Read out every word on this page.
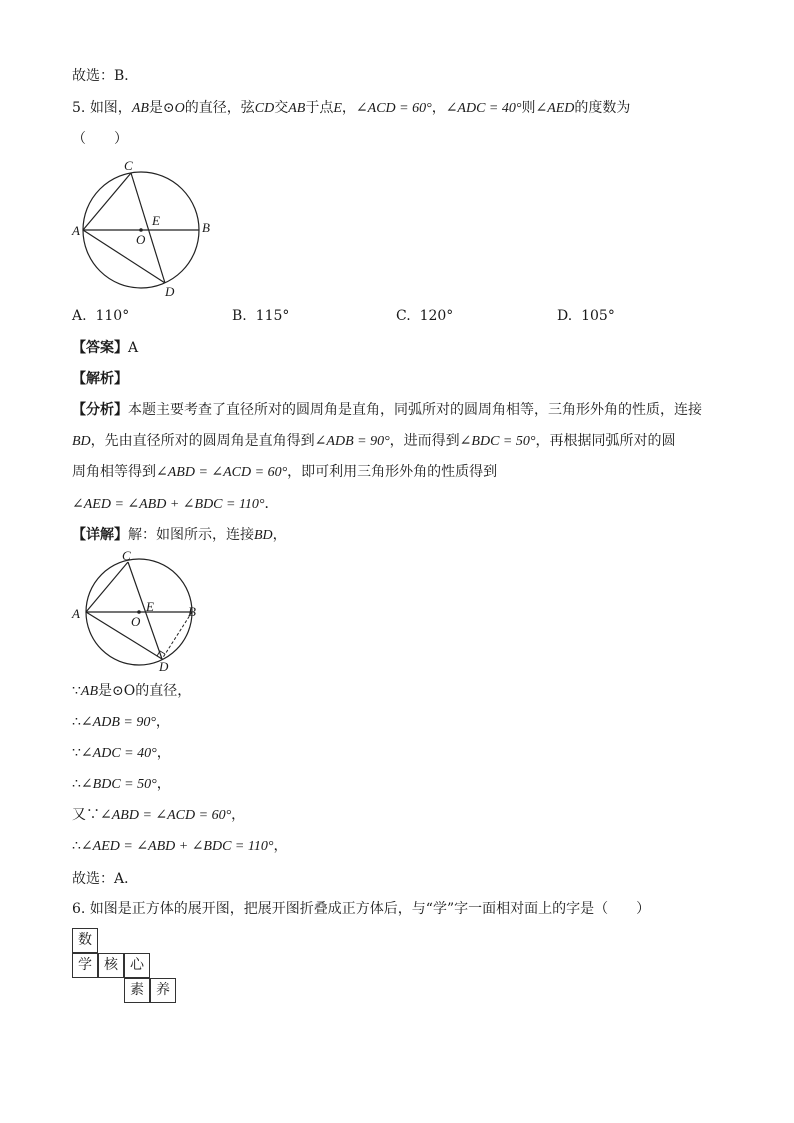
故选：B．
5. 如图，AB是⊙O的直径，弦CD交AB于点E，∠ACD = 60°，∠ADC = 40°则∠AED的度数为
（　　）
C
A	B
E
O
D
A. 110°	B. 115°	C. 120°	D. 105°
【答案】A
【解析】
【分析】本题主要考查了直径所对的圆周角是直角，同弧所对的圆周角相等，三角形外角的性质，连接
BD，先由直径所对的圆周角是直角得到∠ADB = 90°，进而得到∠BDC = 50°，再根据同弧所对的圆
周角相等得到∠ABD = ∠ACD = 60°，即可利用三角形外角的性质得到
∠AED = ∠ABD + ∠BDC = 110°．
【详解】解：如图所示，连接BD，
C
A	B
E
O
D
∵AB是⊙O的直径，
∴∠ADB = 90°，
∵∠ADC = 40°，
∴∠BDC = 50°，
又∵∠ABD = ∠ACD = 60°，
∴∠AED = ∠ABD + ∠BDC = 110°，
故选：A．
6. 如图是正方体的展开图，把展开图折叠成正方体后，与“学”字一面相对面上的字是（　　）
数
学 核 心
素 养
